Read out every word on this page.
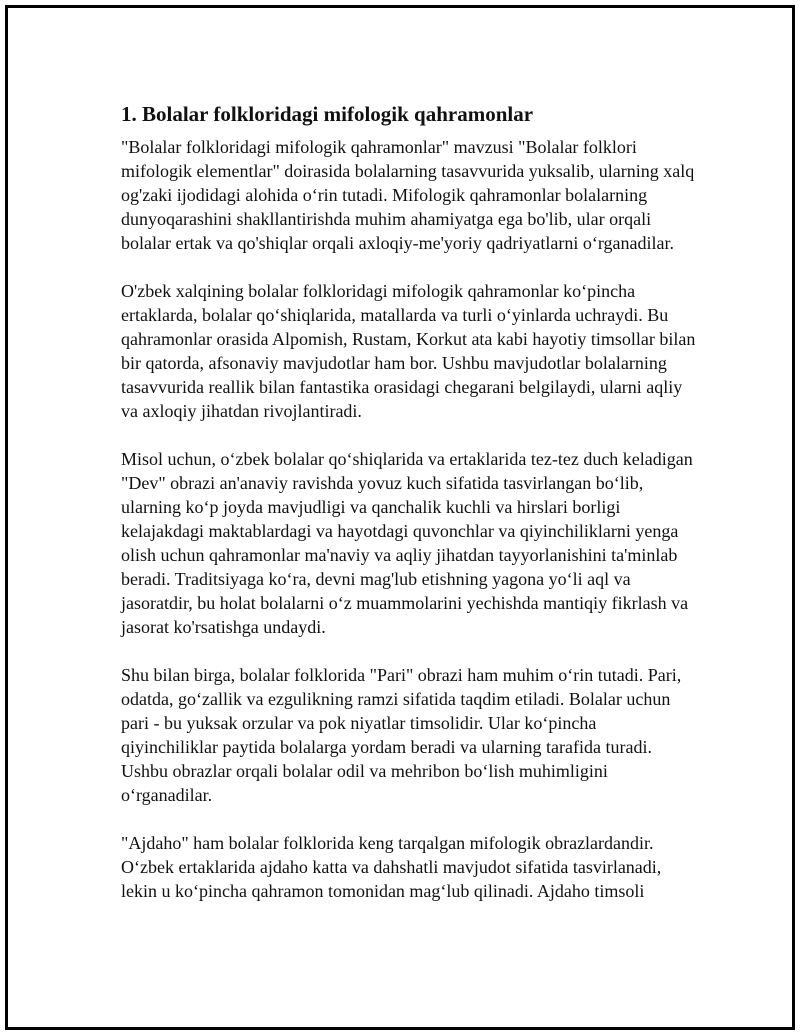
1. Bolalar folkloridagi mifologik qahramonlar

"Bolalar folkloridagi mifologik qahramonlar" mavzusi "Bolalar folklori mifologik elementlar" doirasida bolalarning tasavvurida yuksalib, ularning xalq og'zaki ijodidagi alohida o‘rin tutadi. Mifologik qahramonlar bolalarning dunyoqarashini shakllantirishda muhim ahamiyatga ega bo'lib, ular orqali bolalar ertak va qo'shiqlar orqali axloqiy-me'yoriy qadriyatlarni o‘rganadilar.

O'zbek xalqining bolalar folkloridagi mifologik qahramonlar ko‘pincha ertaklarda, bolalar qo‘shiqlarida, matallarda va turli o‘yinlarda uchraydi. Bu qahramonlar orasida Alpomish, Rustam, Korkut ata kabi hayotiy timsollar bilan bir qatorda, afsonaviy mavjudotlar ham bor. Ushbu mavjudotlar bolalarning tasavvurida reallik bilan fantastika orasidagi chegarani belgilaydi, ularni aqliy va axloqiy jihatdan rivojlantiradi.

Misol uchun, o‘zbek bolalar qo‘shiqlarida va ertaklarida tez-tez duch keladigan "Dev" obrazi an'anaviy ravishda yovuz kuch sifatida tasvirlangan bo‘lib, ularning ko‘p joyda mavjudligi va qanchalik kuchli va hirslari borligi kelajakdagi maktablardagi va hayotdagi quvonchlar va qiyinchiliklarni yenga olish uchun qahramonlar ma'naviy va aqliy jihatdan tayyorlanishini ta'minlab beradi. Traditsiyaga ko‘ra, devni mag'lub etishning yagona yo‘li aql va jasoratdir, bu holat bolalarni o‘z muammolarini yechishda mantiqiy fikrlash va jasorat ko'rsatishga undaydi.

Shu bilan birga, bolalar folklorida "Pari" obrazi ham muhim o‘rin tutadi. Pari, odatda, go‘zallik va ezgulikning ramzi sifatida taqdim etiladi. Bolalar uchun pari - bu yuksak orzular va pok niyatlar timsolidir. Ular ko‘pincha qiyinchiliklar paytida bolalarga yordam beradi va ularning tarafida turadi. Ushbu obrazlar orqali bolalar odil va mehribon bo‘lish muhimligini o‘rganadilar.

"Ajdaho" ham bolalar folklorida keng tarqalgan mifologik obrazlardandir. O‘zbek ertaklarida ajdaho katta va dahshatli mavjudot sifatida tasvirlanadi, lekin u ko‘pincha qahramon tomonidan mag‘lub qilinadi. Ajdaho timsoli
